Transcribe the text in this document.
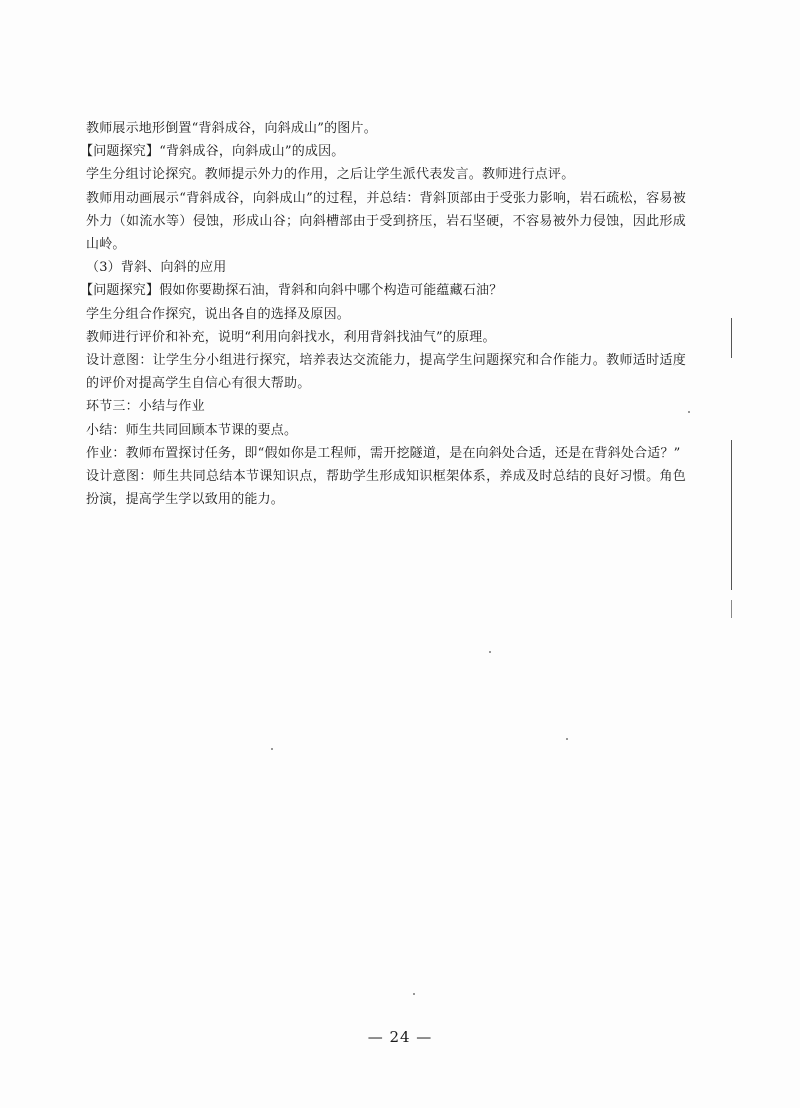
教师展示地形倒置“背斜成谷，向斜成山”的图片。

【问题探究】“背斜成谷，向斜成山”的成因。

学生分组讨论探究。教师提示外力的作用，之后让学生派代表发言。教师进行点评。

教师用动画展示“背斜成谷，向斜成山”的过程，并总结：背斜顶部由于受张力影响，岩石疏松，容易被外力（如流水等）侵蚀，形成山谷；向斜槽部由于受到挤压，岩石坚硬，不容易被外力侵蚀，因此形成山岭。

（3）背斜、向斜的应用

【问题探究】假如你要勘探石油，背斜和向斜中哪个构造可能蕴藏石油？

学生分组合作探究，说出各自的选择及原因。

教师进行评价和补充，说明“利用向斜找水，利用背斜找油气”的原理。

设计意图：让学生分小组进行探究，培养表达交流能力，提高学生问题探究和合作能力。教师适时适度的评价对提高学生自信心有很大帮助。

环节三：小结与作业

小结：师生共同回顾本节课的要点。

作业：教师布置探讨任务，即“假如你是工程师，需开挖隧道，是在向斜处合适，还是在背斜处合适？”

设计意图：师生共同总结本节课知识点，帮助学生形成知识框架体系，养成及时总结的良好习惯。角色扮演，提高学生学以致用的能力。

— 24 —
